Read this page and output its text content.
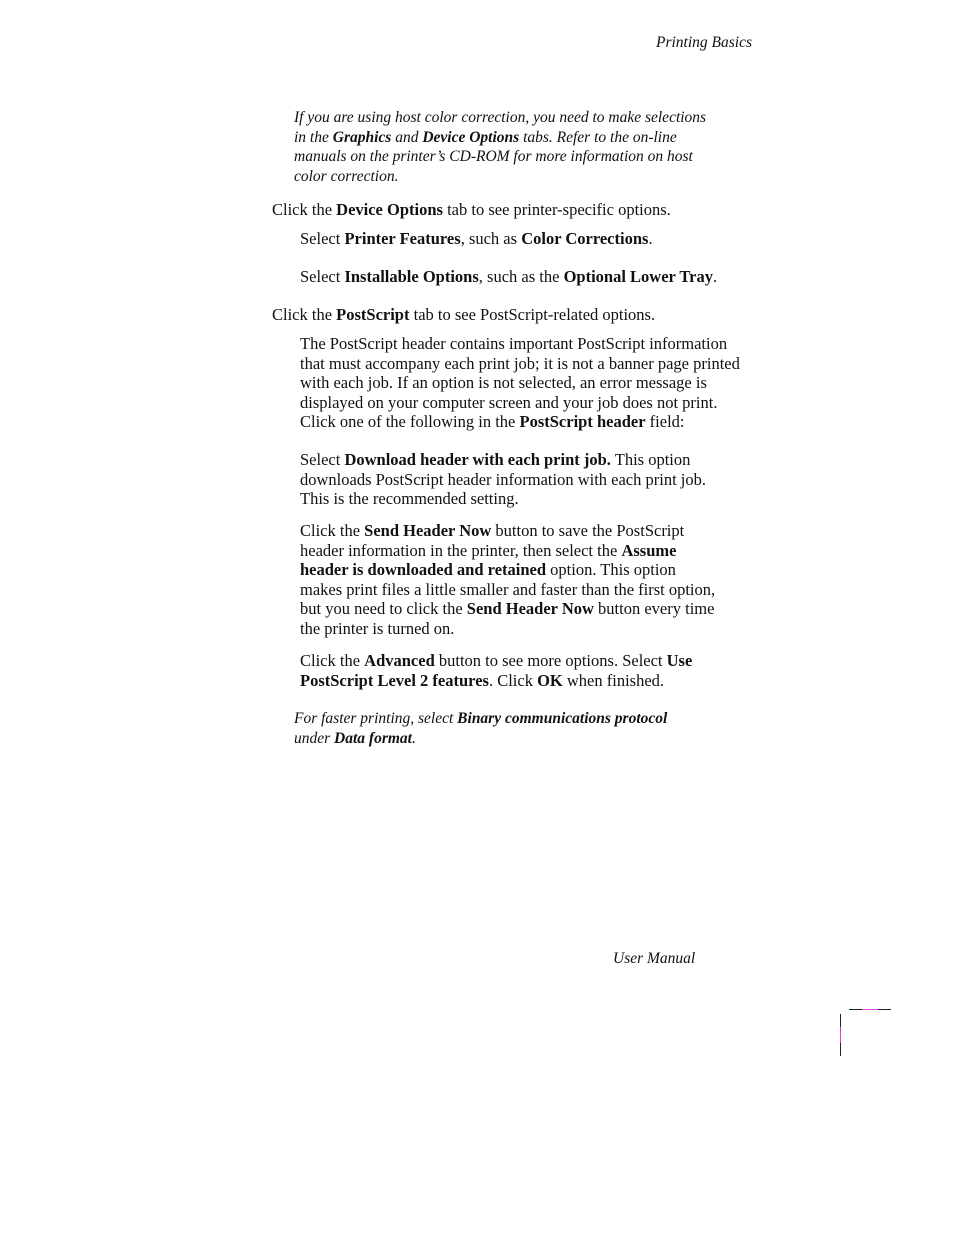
Printing Basics
If you are using host color correction, you need to make selections
in the Graphics and Device Options tabs. Refer to the on-line
manuals on the printer’s CD-ROM for more information on host
color correction.
Click the Device Options tab to see printer-specific options.
Select Printer Features, such as Color Corrections.
Select Installable Options, such as the Optional Lower Tray.
Click the PostScript tab to see PostScript-related options.
The PostScript header contains important PostScript information
that must accompany each print job; it is not a banner page printed
with each job. If an option is not selected, an error message is
displayed on your computer screen and your job does not print.
Click one of the following in the PostScript header field:
Select Download header with each print job. This option
downloads PostScript header information with each print job.
This is the recommended setting.
Click the Send Header Now button to save the PostScript
header information in the printer, then select the Assume
header is downloaded and retained option. This option
makes print files a little smaller and faster than the first option,
but you need to click the Send Header Now button every time
the printer is turned on.
Click the Advanced button to see more options. Select Use
PostScript Level 2 features. Click OK when finished.
For faster printing, select Binary communications protocol
under Data format.
User Manual
